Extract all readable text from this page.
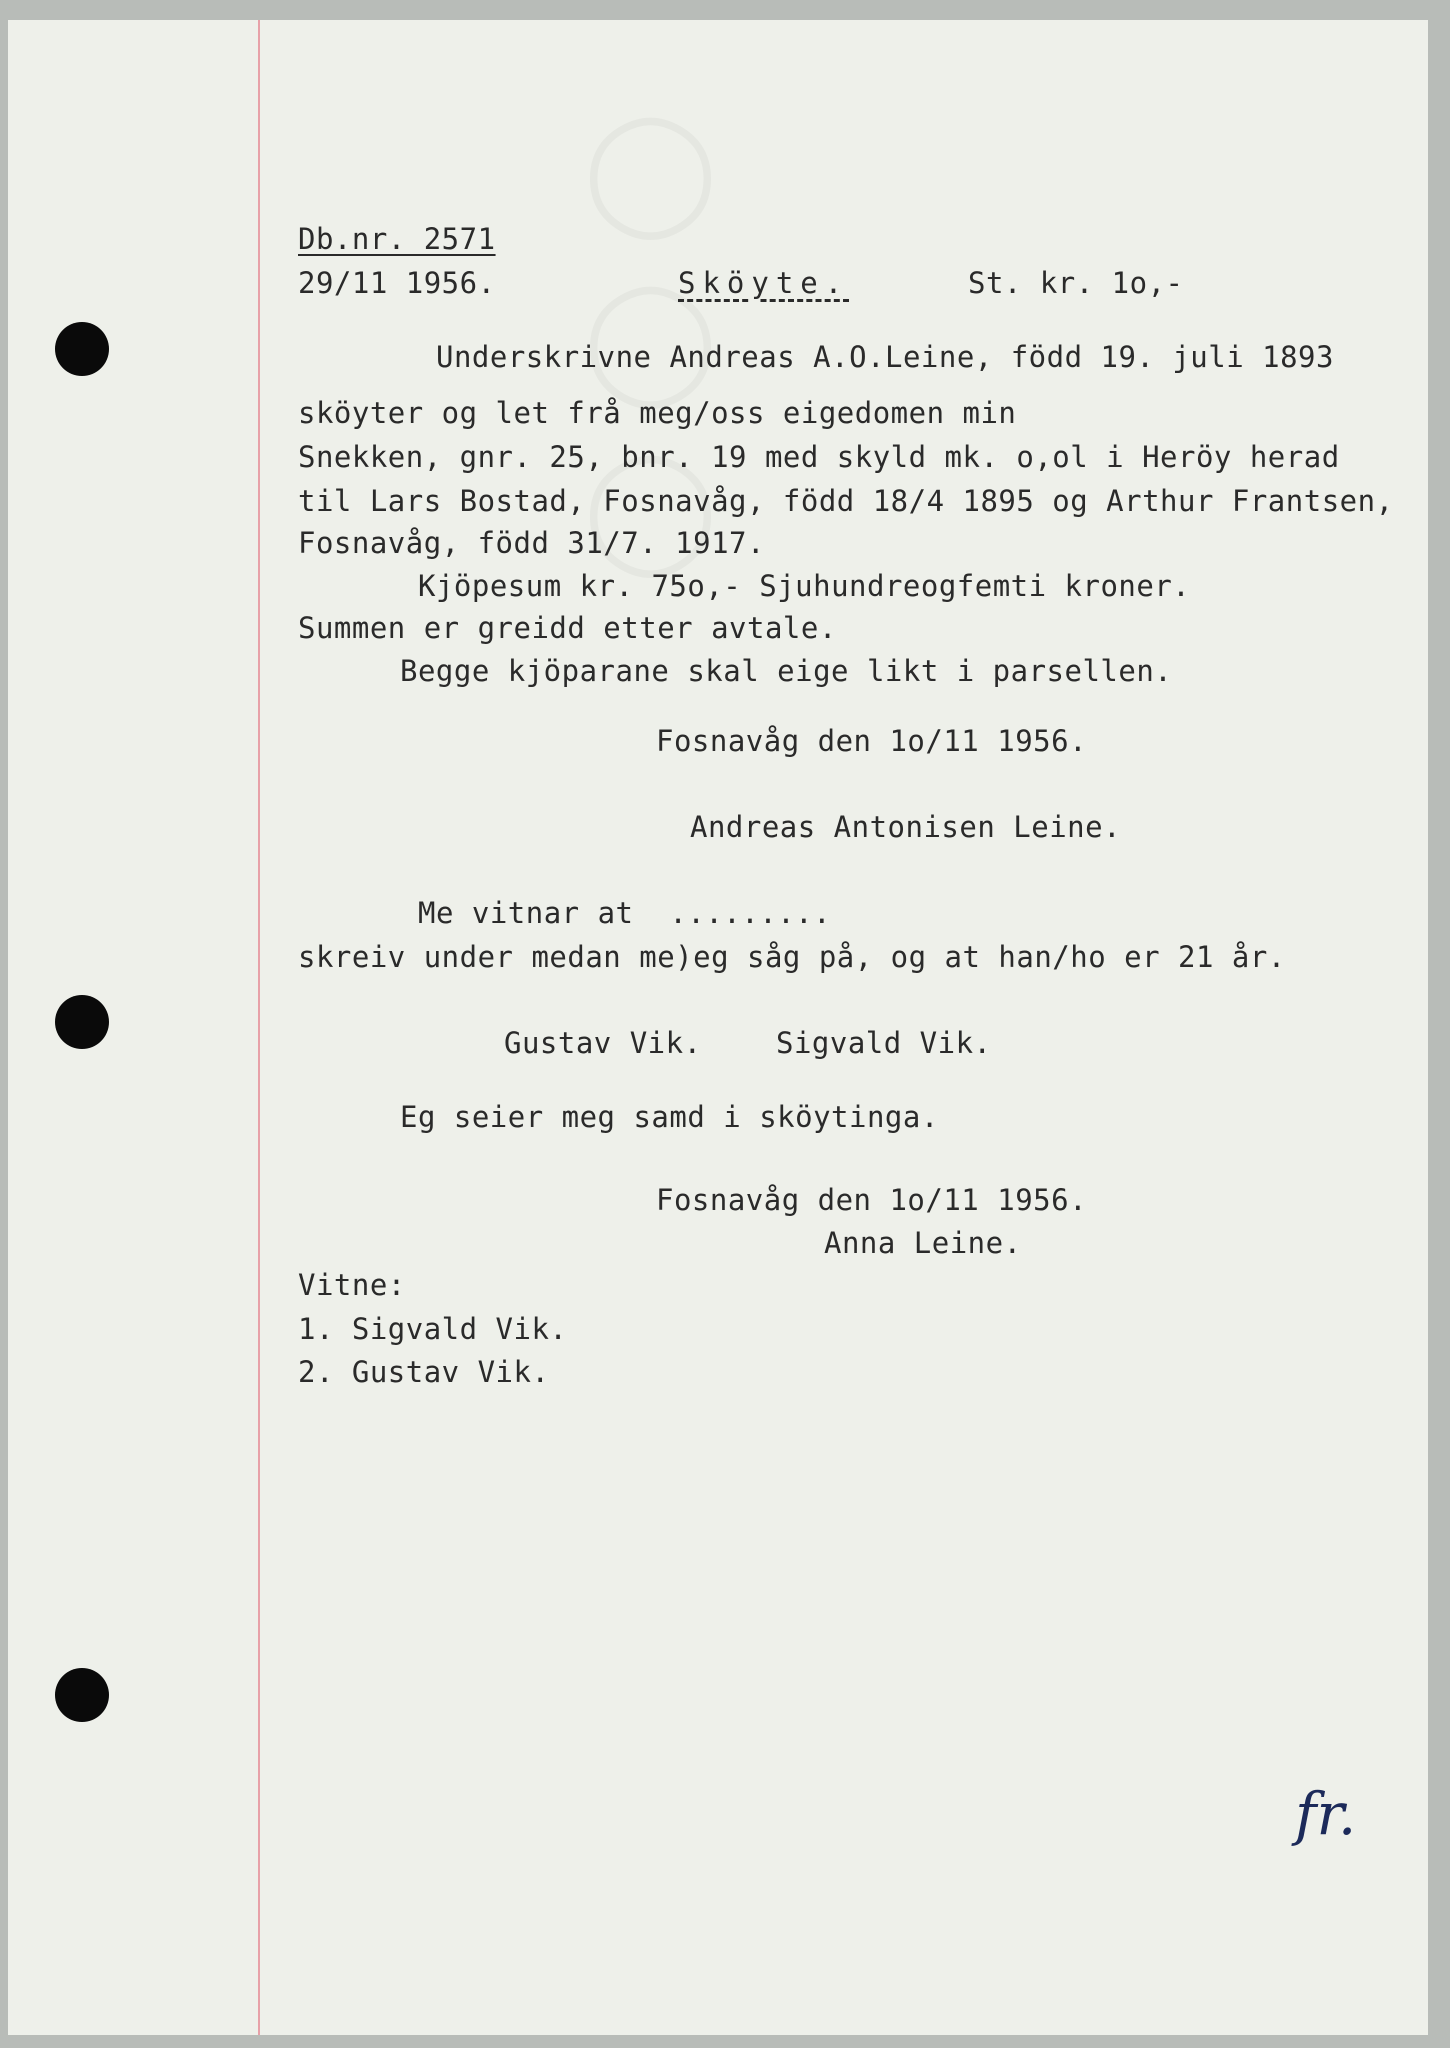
Db.nr. 2571
29/11 1956.	Sköyte.	St. kr. 1o,-
Underskrivne Andreas A.O.Leine, född 19. juli 1893
sköyter og let frå meg/oss eigedomen min
Snekken, gnr. 25, bnr. 19 med skyld mk. o,ol i Heröy herad
til Lars Bostad, Fosnavåg, född 18/4 1895 og Arthur Frantsen,
Fosnavåg, född 31/7. 1917.
Kjöpesum kr. 75o,- Sjuhundreogfemti kroner.
Summen er greidd etter avtale.
Begge kjöparane skal eige likt i parsellen.
Fosnavåg den 1o/11 1956.
Andreas Antonisen Leine.
Me vitnar at  .........
skreiv under medan me)eg såg på, og at han/ho er 21 år.
Gustav Vik.	Sigvald Vik.
Eg seier meg samd i sköytinga.
Fosnavåg den 1o/11 1956.
Anna Leine.
Vitne:
1. Sigvald Vik.
2. Gustav Vik.
fr.
